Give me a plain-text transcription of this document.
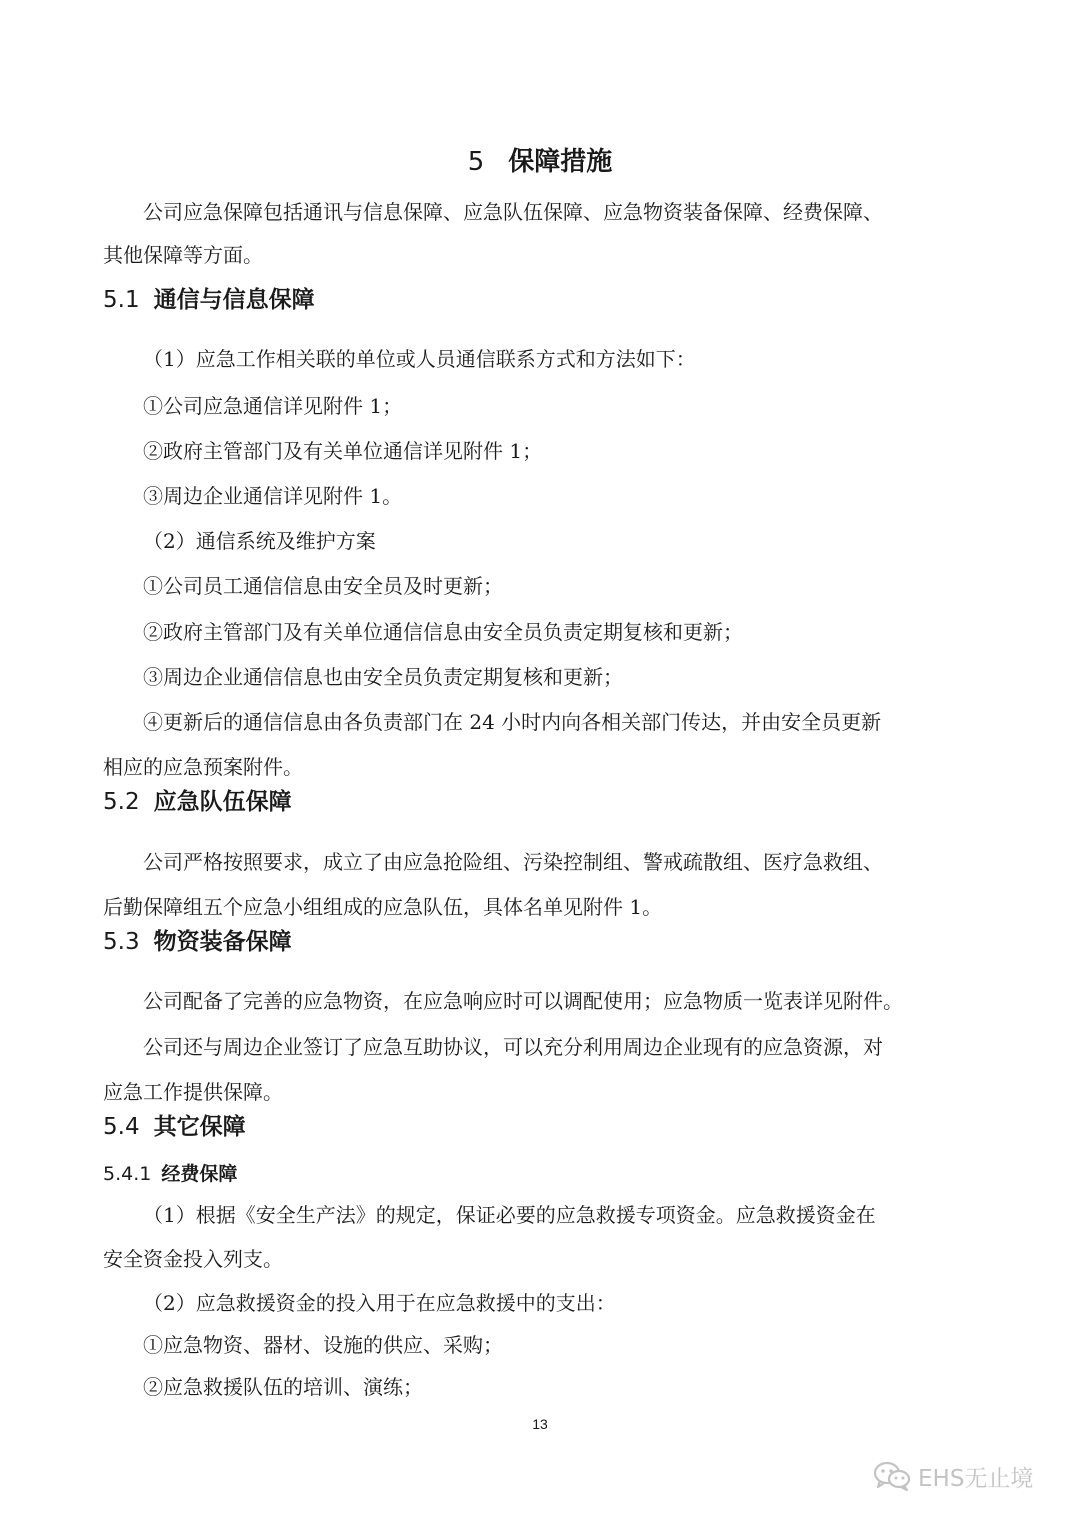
5 保障措施
公司应急保障包括通讯与信息保障、应急队伍保障、应急物资装备保障、经费保障、
其他保障等方面。
5.1 通信与信息保障
（1）应急工作相关联的单位或人员通信联系方式和方法如下：
①公司应急通信详见附件 1；
②政府主管部门及有关单位通信详见附件 1；
③周边企业通信详见附件 1。
（2）通信系统及维护方案
①公司员工通信信息由安全员及时更新；
②政府主管部门及有关单位通信信息由安全员负责定期复核和更新；
③周边企业通信信息也由安全员负责定期复核和更新；
④更新后的通信信息由各负责部门在 24 小时内向各相关部门传达，并由安全员更新
相应的应急预案附件。
5.2 应急队伍保障
公司严格按照要求，成立了由应急抢险组、污染控制组、警戒疏散组、医疗急救组、
后勤保障组五个应急小组组成的应急队伍，具体名单见附件 1。
5.3 物资装备保障
公司配备了完善的应急物资，在应急响应时可以调配使用；应急物质一览表详见附件。
公司还与周边企业签订了应急互助协议，可以充分利用周边企业现有的应急资源，对
应急工作提供保障。
5.4 其它保障
5.4.1 经费保障
（1）根据《安全生产法》的规定，保证必要的应急救援专项资金。应急救援资金在
安全资金投入列支。
（2）应急救援资金的投入用于在应急救援中的支出：
①应急物资、器材、设施的供应、采购；
②应急救援队伍的培训、演练；
13
EHS无止境
